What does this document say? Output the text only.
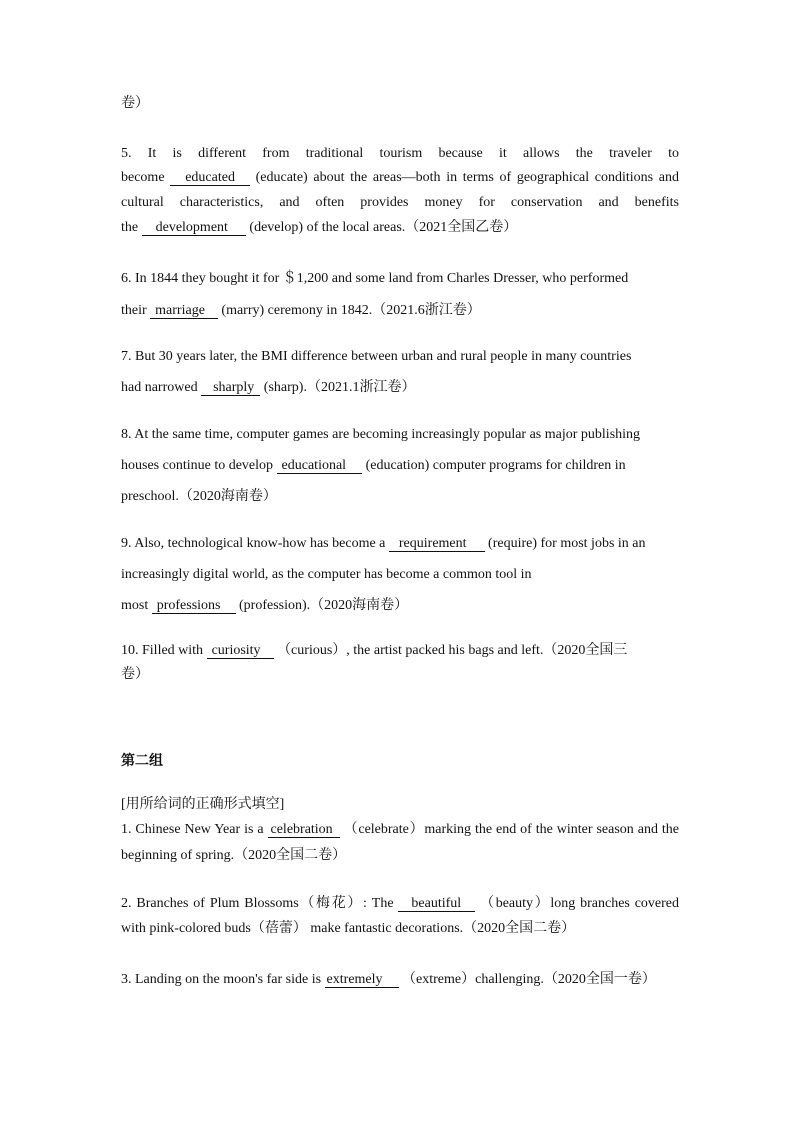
卷）
5. It is different from traditional tourism because it allows the traveler to
become educated (educate) about the areas—both in terms of geographical conditions and
cultural characteristics, and often provides money for conservation and benefits
the development (develop) of the local areas.（2021全国乙卷）
6. In 1844 they bought it for ＄1,200 and some land from Charles Dresser, who performed
their marriage (marry) ceremony in 1842.（2021.6浙江卷）
7. But 30 years later, the BMI difference between urban and rural people in many countries
had narrowed sharply (sharp).（2021.1浙江卷）
8. At the same time, computer games are becoming increasingly popular as major publishing
houses continue to develop educational (education) computer programs for children in
preschool.（2020海南卷）
9. Also, technological know-how has become a requirement (require) for most jobs in an
increasingly digital world, as the computer has become a common tool in
most professions (profession).（2020海南卷）
10. Filled with curiosity （curious）, the artist packed his bags and left.（2020全国三
卷）
第二组
[用所给词的正确形式填空]
1. Chinese New Year is a celebration （celebrate）marking the end of the winter season and the
beginning of spring.（2020全国二卷）
2. Branches of Plum Blossoms（梅花）: The beautiful （beauty）long branches covered
with pink-colored buds（蓓蕾） make fantastic decorations.（2020全国二卷）
3. Landing on the moon's far side is extremely （extreme）challenging.（2020全国一卷）
